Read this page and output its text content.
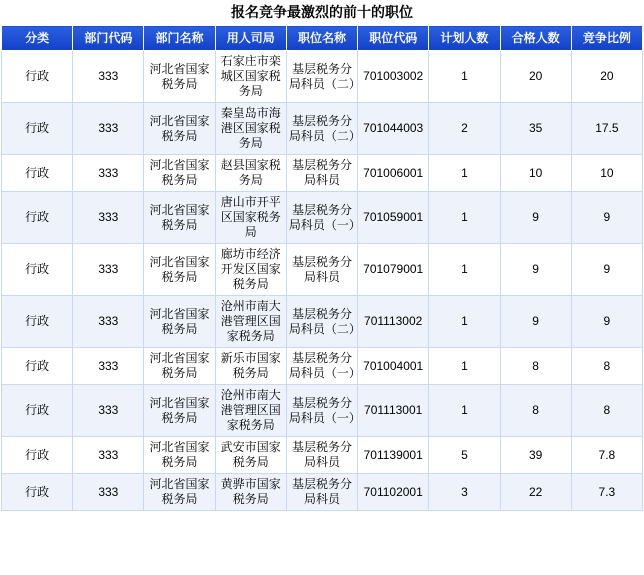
报名竞争最激烈的前十的职位
分类	部门代码	部门名称	用人司局	职位名称	职位代码	计划人数	合格人数	竞争比例
行政	333	河北省国家税务局	石家庄市栾城区国家税务局	基层税务分局科员（二）	701003002	1	20	20
行政	333	河北省国家税务局	秦皇岛市海港区国家税务局	基层税务分局科员（二）	701044003	2	35	17.5
行政	333	河北省国家税务局	赵县国家税务局	基层税务分局科员	701006001	1	10	10
行政	333	河北省国家税务局	唐山市开平区国家税务局	基层税务分局科员（一）	701059001	1	9	9
行政	333	河北省国家税务局	廊坊市经济开发区国家税务局	基层税务分局科员	701079001	1	9	9
行政	333	河北省国家税务局	沧州市南大港管理区国家税务局	基层税务分局科员（二）	701113002	1	9	9
行政	333	河北省国家税务局	新乐市国家税务局	基层税务分局科员（一）	701004001	1	8	8
行政	333	河北省国家税务局	沧州市南大港管理区国家税务局	基层税务分局科员（一）	701113001	1	8	8
行政	333	河北省国家税务局	武安市国家税务局	基层税务分局科员	701139001	5	39	7.8
行政	333	河北省国家税务局	黄骅市国家税务局	基层税务分局科员	701102001	3	22	7.3
